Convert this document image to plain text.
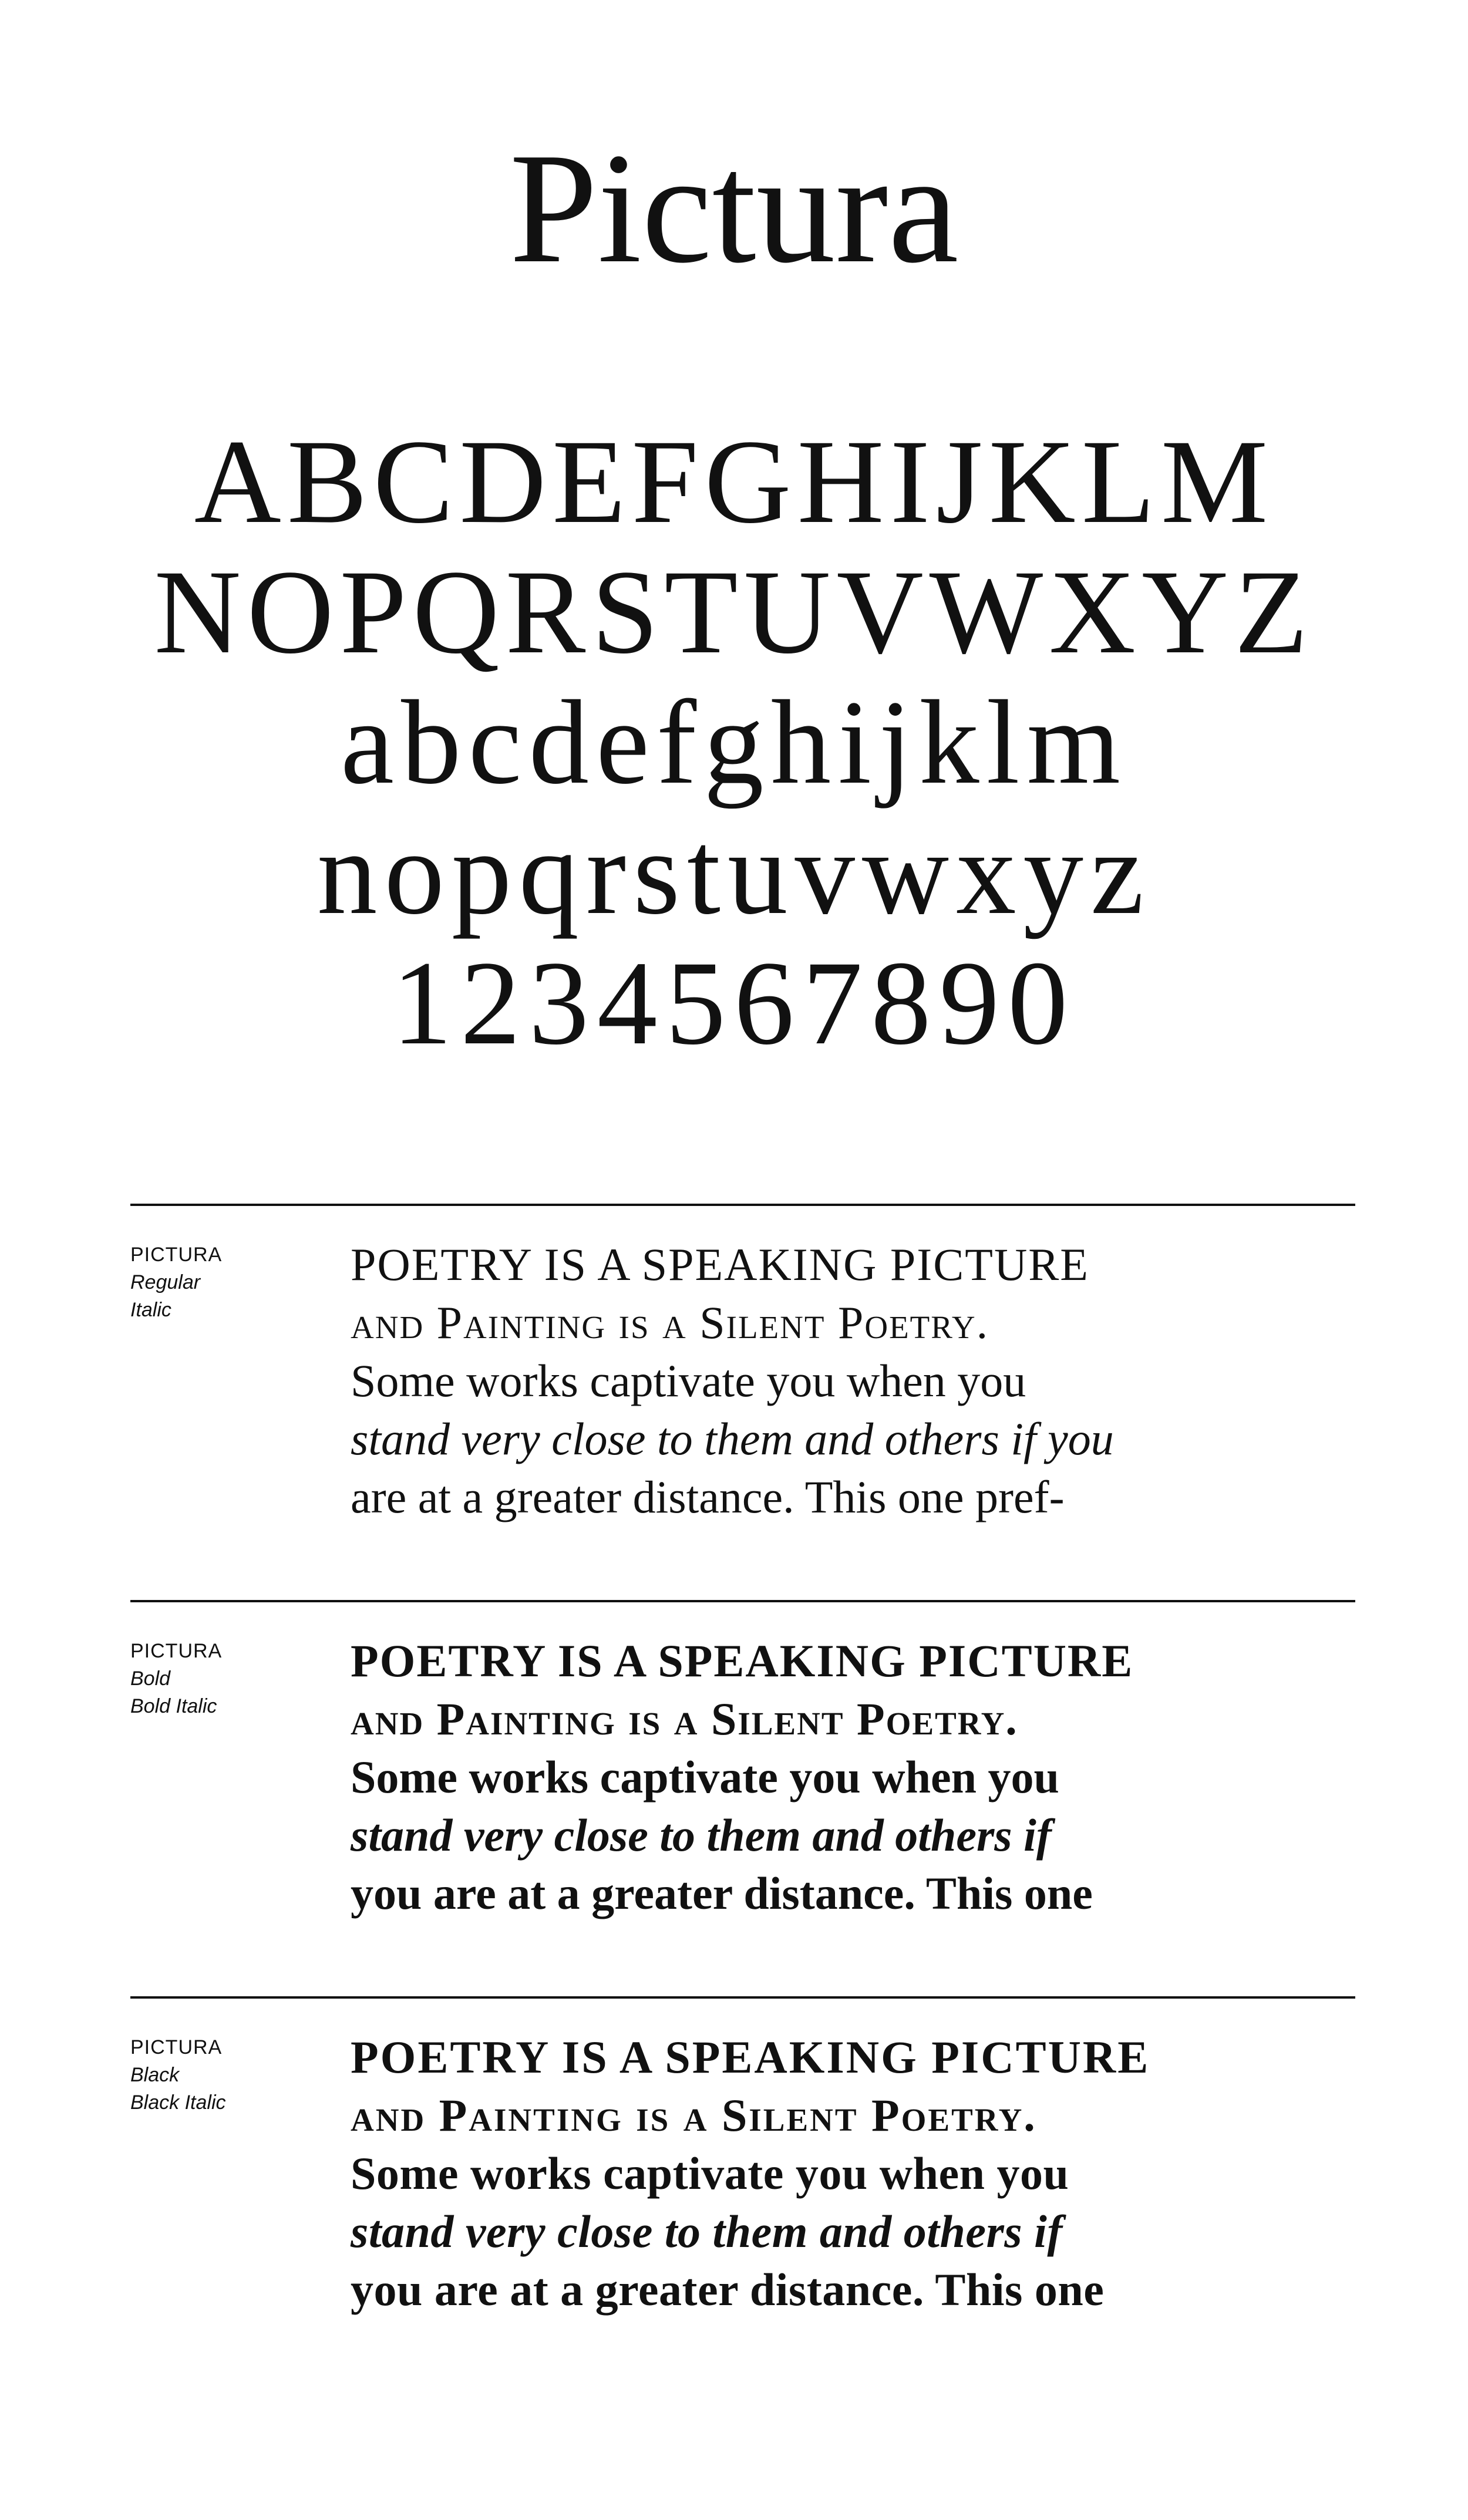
Pictura
ABCDEFGHIJKLM
NOPQRSTUVWXYZ
abcdefghijklm
nopqrstuvwxyz
1234567890
PICTURA
Regular
Italic
POETRY IS A SPEAKING PICTURE
and Painting is a Silent Poetry.
Some works captivate you when you
stand very close to them and others if you
are at a greater distance. This one pref-
PICTURA
Bold
Bold Italic
POETRY IS A SPEAKING PICTURE
and Painting is a Silent Poetry.
Some works captivate you when you
stand very close to them and others if
you are at a greater distance. This one
PICTURA
Black
Black Italic
POETRY IS A SPEAKING PICTURE
and Painting is a Silent Poetry.
Some works captivate you when you
stand very close to them and others if
you are at a greater distance. This one
